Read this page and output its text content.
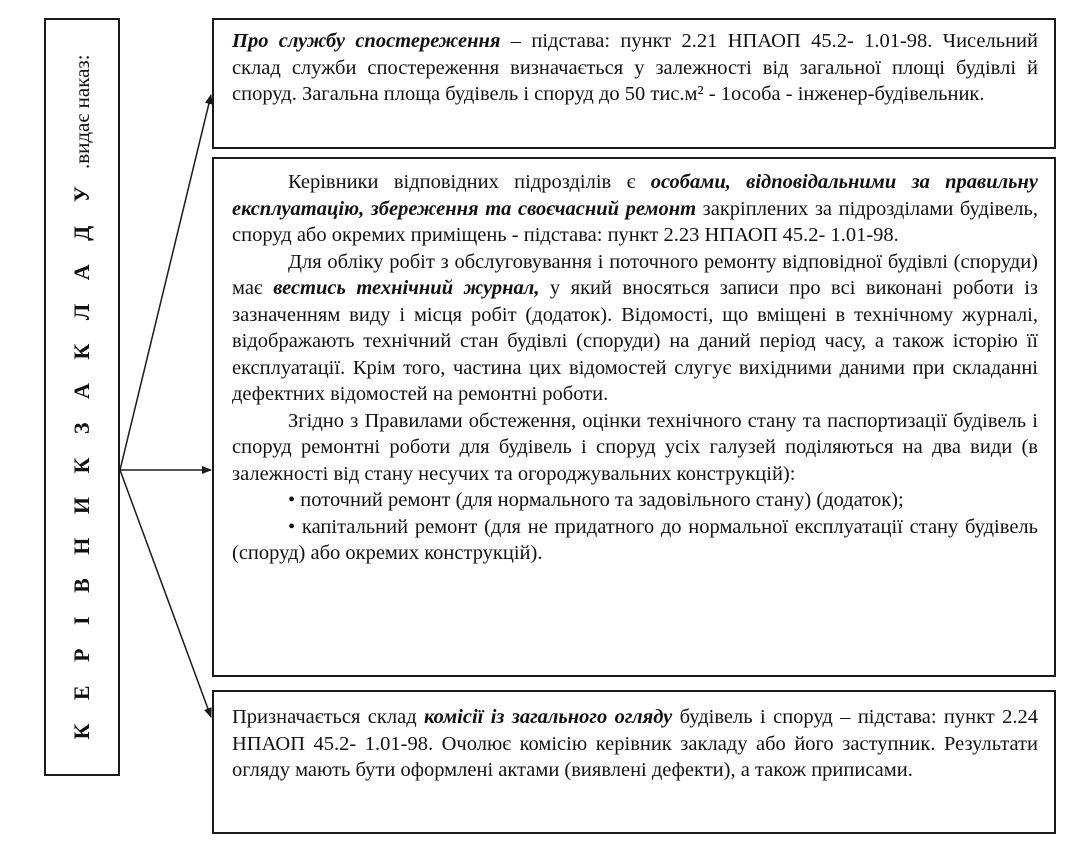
К Е Р І В Н И К З А К Л А Д У.видає наказ:

Про службу спостереження – підстава: пункт 2.21 НПАОП 45.2- 1.01-98. Чисельний склад служби спостереження визначається у залежності від загальної площі будівлі й споруд. Загальна площа будівель і споруд до 50 тис.м² - 1особа - інженер-будівельник.

Керівники відповідних підрозділів є особами, відповідальними за правильну експлуатацію, збереження та своєчасний ремонт закріплених за підрозділами будівель, споруд або окремих приміщень - підстава: пункт 2.23 НПАОП 45.2- 1.01-98.

Для обліку робіт з обслуговування і поточного ремонту відповідної будівлі (споруди) має вестись технічний журнал, у який вносяться записи про всі виконані роботи із зазначенням виду і місця робіт (додаток). Відомості, що вміщені в технічному журналі, відображають технічний стан будівлі (споруди) на даний період часу, а також історію її експлуатації. Крім того, частина цих відомостей слугує вихідними даними при складанні дефектних відомостей на ремонтні роботи.

Згідно з Правилами обстеження, оцінки технічного стану та паспортизації будівель і споруд ремонтні роботи для будівель і споруд усіх галузей поділяються на два види (в залежності від стану несучих та огороджувальних конструкцій):

• поточний ремонт (для нормального та задовільного стану) (додаток);

• капітальний ремонт (для не придатного до нормальної експлуатації стану будівель (споруд) або окремих конструкцій).

Призначається склад комісії із загального огляду будівель і споруд – підстава: пункт 2.24 НПАОП 45.2- 1.01-98. Очолює комісію керівник закладу або його заступник. Результати огляду мають бути оформлені актами (виявлені дефекти), а також приписами.
